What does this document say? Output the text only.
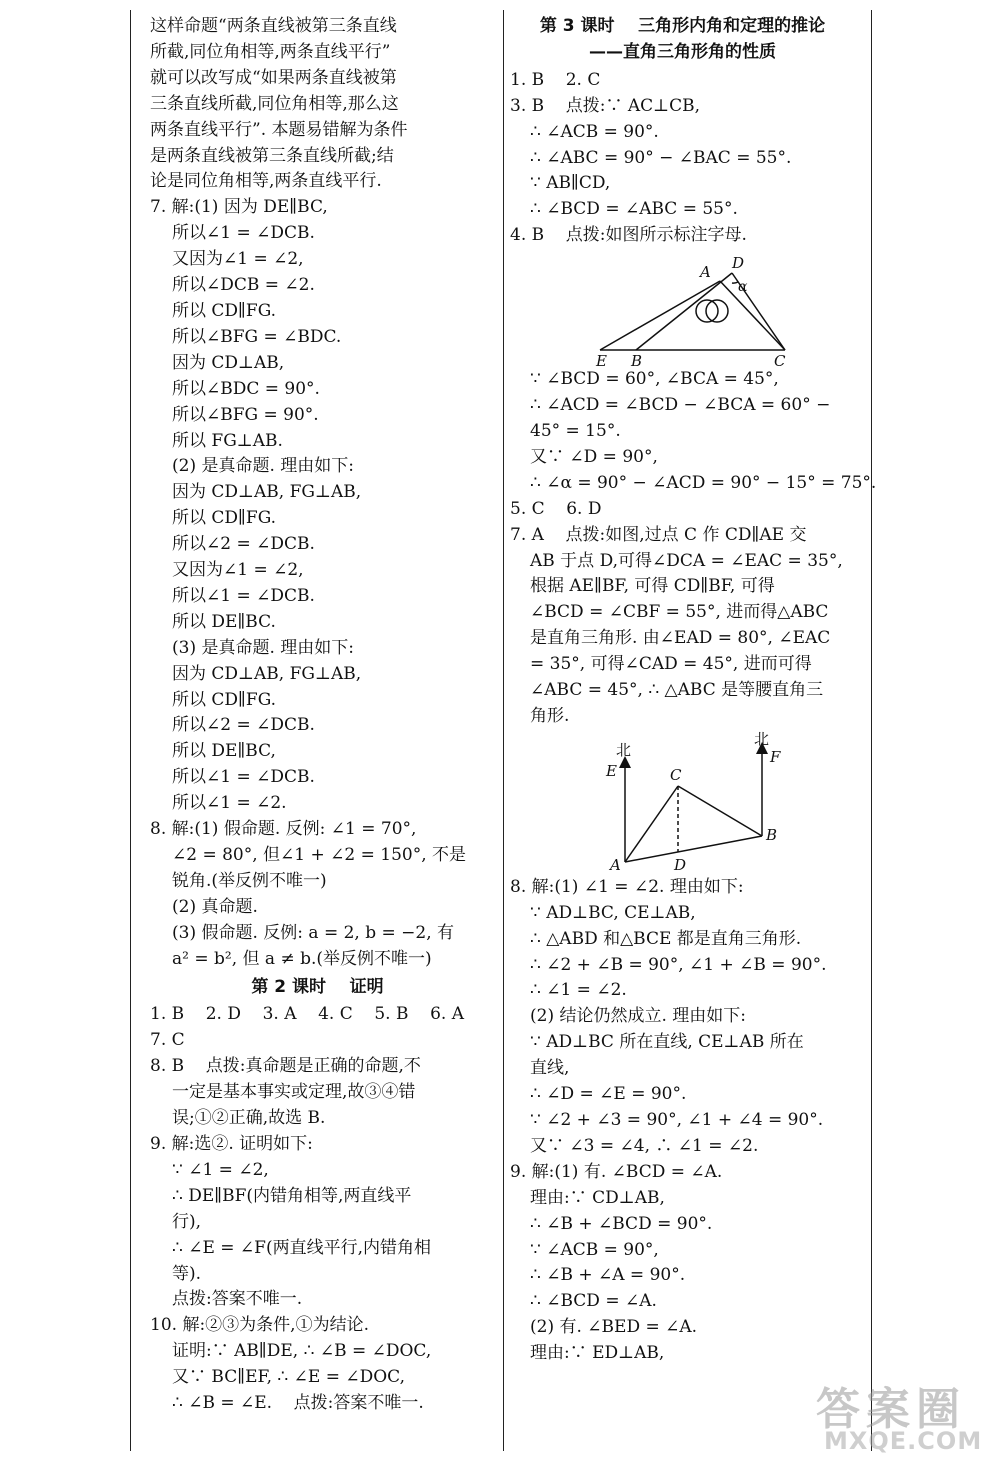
这样命题“两条直线被第三条直线
所截,同位角相等,两条直线平行”
就可以改写成“如果两条直线被第
三条直线所截,同位角相等,那么这
两条直线平行”. 本题易错解为条件
是两条直线被第三条直线所截;结
论是同位角相等,两条直线平行.
7. 解:(1) 因为 DE∥BC,
所以∠1 = ∠DCB.
又因为∠1 = ∠2,
所以∠DCB = ∠2.
所以 CD∥FG.
所以∠BFG = ∠BDC.
因为 CD⊥AB,
所以∠BDC = 90°.
所以∠BFG = 90°.
所以 FG⊥AB.
(2) 是真命题. 理由如下:
因为 CD⊥AB, FG⊥AB,
所以 CD∥FG.
所以∠2 = ∠DCB.
又因为∠1 = ∠2,
所以∠1 = ∠DCB.
所以 DE∥BC.
(3) 是真命题. 理由如下:
因为 CD⊥AB, FG⊥AB,
所以 CD∥FG.
所以∠2 = ∠DCB.
所以 DE∥BC,
所以∠1 = ∠DCB.
所以∠1 = ∠2.
8. 解:(1) 假命题. 反例: ∠1 = 70°,
∠2 = 80°, 但∠1 + ∠2 = 150°, 不是
锐角.(举反例不唯一)
(2) 真命题.
(3) 假命题. 反例: a = 2, b = −2, 有
a² = b², 但 a ≠ b.(举反例不唯一)
第 2 课时    证明
1. B    2. D    3. A    4. C    5. B    6. A
7. C
8. B    点拨:真命题是正确的命题,不
一定是基本事实或定理,故③④错
误;①②正确,故选 B.
9. 解:选②. 证明如下:
∵ ∠1 = ∠2,
∴ DE∥BF(内错角相等,两直线平
行),
∴ ∠E = ∠F(两直线平行,内错角相
等).
点拨:答案不唯一.
10. 解:②③为条件,①为结论.
证明:∵ AB∥DE, ∴ ∠B = ∠DOC,
又∵ BC∥EF, ∴ ∠E = ∠DOC,
∴ ∠B = ∠E.    点拨:答案不唯一.
第 3 课时    三角形内角和定理的推论
——直角三角形角的性质
1. B    2. C
3. B    点拨:∵ AC⊥CB,
∴ ∠ACB = 90°.
∴ ∠ABC = 90° − ∠BAC = 55°.
∵ AB∥CD,
∴ ∠BCD = ∠ABC = 55°.
4. B    点拨:如图所示标注字母.
A D
α
E B	C
∵ ∠BCD = 60°, ∠BCA = 45°,
∴ ∠ACD = ∠BCD − ∠BCA = 60° −
45° = 15°.
又∵ ∠D = 90°,
∴ ∠α = 90° − ∠ACD = 90° − 15° = 75°.
5. C    6. D
7. A    点拨:如图,过点 C 作 CD∥AE 交
AB 于点 D,可得∠DCA = ∠EAC = 35°,
根据 AE∥BF, 可得 CD∥BF, 可得
∠BCD = ∠CBF = 55°, 进而得△ABC
是直角三角形. 由∠EAD = 80°, ∠EAC
= 35°, 可得∠CAD = 45°, 进而可得
∠ABC = 45°, ∴ △ABC 是等腰直角三
角形.
北
北
E
F
C
A
B
D
8. 解:(1) ∠1 = ∠2. 理由如下:
∵ AD⊥BC, CE⊥AB,
∴ △ABD 和△BCE 都是直角三角形.
∴ ∠2 + ∠B = 90°, ∠1 + ∠B = 90°.
∴ ∠1 = ∠2.
(2) 结论仍然成立. 理由如下:
∵ AD⊥BC 所在直线, CE⊥AB 所在
直线,
∴ ∠D = ∠E = 90°.
∵ ∠2 + ∠3 = 90°, ∠1 + ∠4 = 90°.
又∵ ∠3 = ∠4, ∴ ∠1 = ∠2.
9. 解:(1) 有. ∠BCD = ∠A.
理由:∵ CD⊥AB,
∴ ∠B + ∠BCD = 90°.
∵ ∠ACB = 90°,
∴ ∠B + ∠A = 90°.
∴ ∠BCD = ∠A.
(2) 有. ∠BED = ∠A.
理由:∵ ED⊥AB,
答案圈
MXQE.COM
